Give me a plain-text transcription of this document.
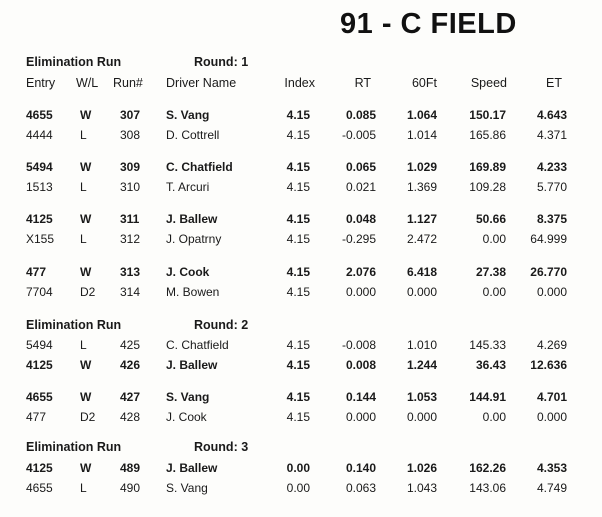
91 - C FIELD
Elimination Run	Round: 1
Entry W/L Run# Driver Name	Index	RT	60Ft	Speed	ET
4655 W 307 S. Vang	4.15	0.085	1.064	150.17	4.643
4444 L	308 D. Cottrell	4.15	-0.005	1.014	165.86	4.371
5494 W 309 C. Chatfield	4.15	0.065	1.029	169.89	4.233
1513 L	310 T. Arcuri	4.15	0.021	1.369	109.28	5.770
4125 W 311 J. Ballew	4.15	0.048	1.127	50.66	8.375
X155 L	312 J. Opatrny	4.15	-0.295	2.472	0.00 64.999
477	W 313 J. Cook	4.15	2.076	6.418	27.38 26.770
7704 D2 314 M. Bowen	4.15	0.000	0.000	0.00	0.000
Elimination Run	Round: 2
5494 L	425 C. Chatfield	4.15	-0.008	1.010	145.33	4.269
4125 W 426 J. Ballew	4.15	0.008	1.244	36.43 12.636
4655 W 427 S. Vang	4.15	0.144	1.053	144.91	4.701
477	D2 428 J. Cook	4.15	0.000	0.000	0.00	0.000
Elimination Run	Round: 3
4125 W 489 J. Ballew	0.00	0.140	1.026	162.26	4.353
4655 L	490 S. Vang	0.00	0.063	1.043	143.06	4.749
